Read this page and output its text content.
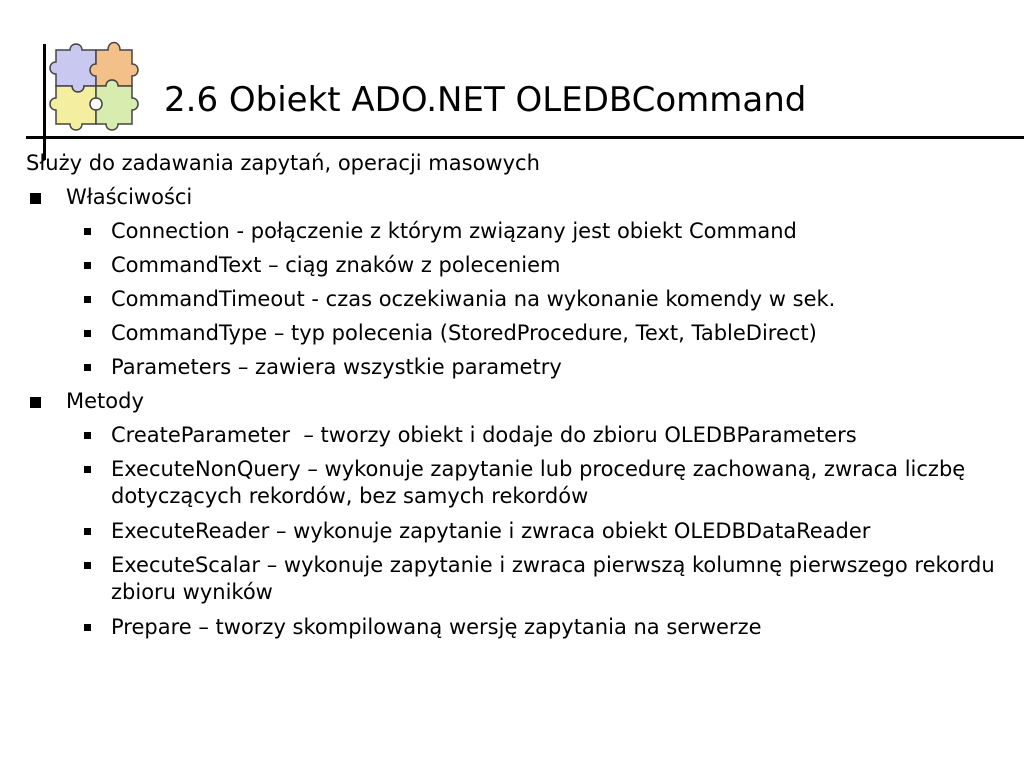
2.6 Obiekt ADO.NET OLEDBCommand
Służy do zadawania zapytań, operacji masowych
Właściwości
Connection - połączenie z którym związany jest obiekt Command
CommandText – ciąg znaków z poleceniem
CommandTimeout - czas oczekiwania na wykonanie komendy w sek.
CommandType – typ polecenia (StoredProcedure, Text, TableDirect)
Parameters – zawiera wszystkie parametry
Metody
CreateParameter  – tworzy obiekt i dodaje do zbioru OLEDBParameters
ExecuteNonQuery – wykonuje zapytanie lub procedurę zachowaną, zwraca liczbę dotyczących rekordów, bez samych rekordów
ExecuteReader – wykonuje zapytanie i zwraca obiekt OLEDBDataReader
ExecuteScalar – wykonuje zapytanie i zwraca pierwszą kolumnę pierwszego rekordu zbioru wyników
Prepare – tworzy skompilowaną wersję zapytania na serwerze
